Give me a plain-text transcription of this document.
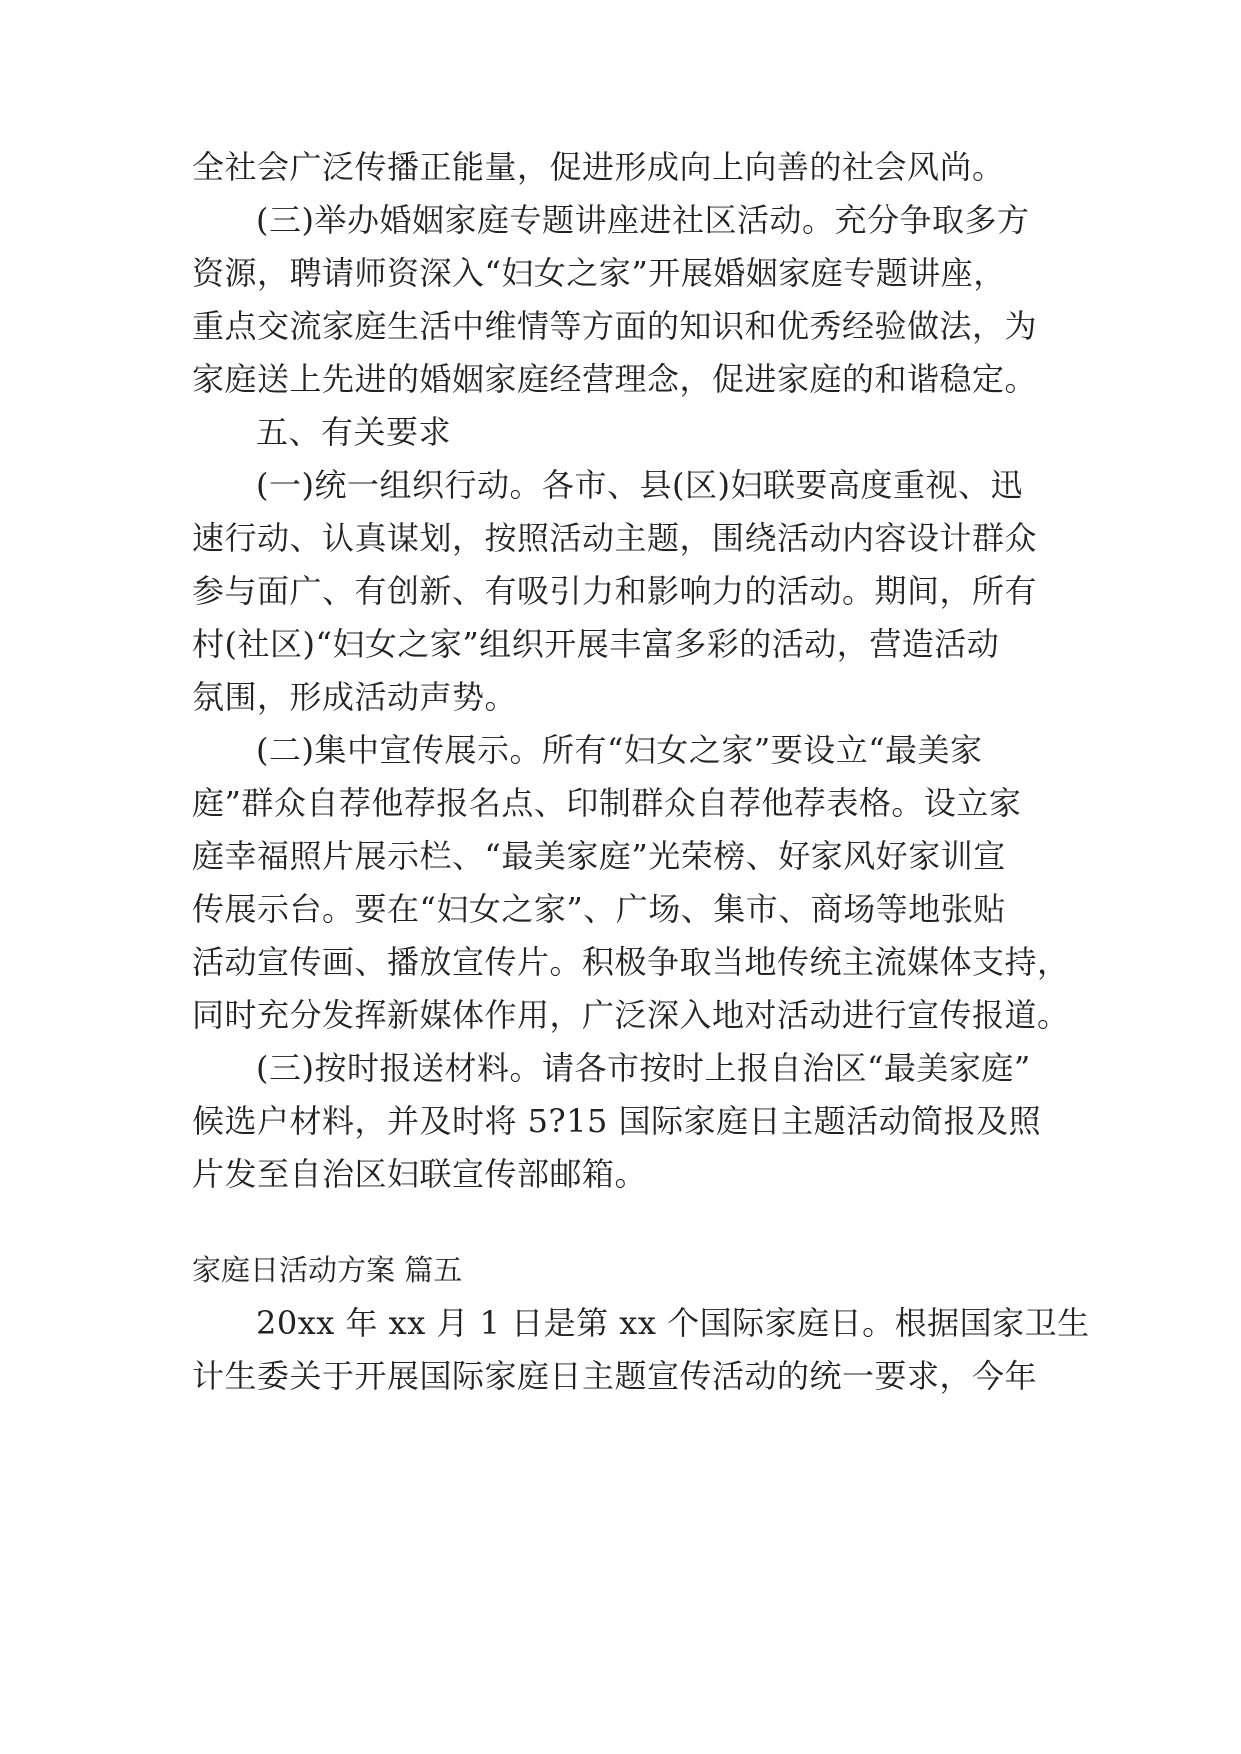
全社会广泛传播正能量，促进形成向上向善的社会风尚。
(三)举办婚姻家庭专题讲座进社区活动。充分争取多方
资源，聘请师资深入“妇女之家”开展婚姻家庭专题讲座，
重点交流家庭生活中维情等方面的知识和优秀经验做法，为
家庭送上先进的婚姻家庭经营理念，促进家庭的和谐稳定。
五、有关要求
(一)统一组织行动。各市、县(区)妇联要高度重视、迅
速行动、认真谋划，按照活动主题，围绕活动内容设计群众
参与面广、有创新、有吸引力和影响力的活动。期间，所有
村(社区)“妇女之家”组织开展丰富多彩的活动，营造活动
氛围，形成活动声势。
(二)集中宣传展示。所有“妇女之家”要设立“最美家
庭”群众自荐他荐报名点、印制群众自荐他荐表格。设立家
庭幸福照片展示栏、“最美家庭”光荣榜、好家风好家训宣
传展示台。要在“妇女之家”、广场、集市、商场等地张贴
活动宣传画、播放宣传片。积极争取当地传统主流媒体支持，
同时充分发挥新媒体作用，广泛深入地对活动进行宣传报道。
(三)按时报送材料。请各市按时上报自治区“最美家庭”
候选户材料，并及时将 5?15 国际家庭日主题活动简报及照
片发至自治区妇联宣传部邮箱。
家庭日活动方案 篇五
20xx 年 xx 月 1 日是第 xx 个国际家庭日。根据国家卫生
计生委关于开展国际家庭日主题宣传活动的统一要求，今年
